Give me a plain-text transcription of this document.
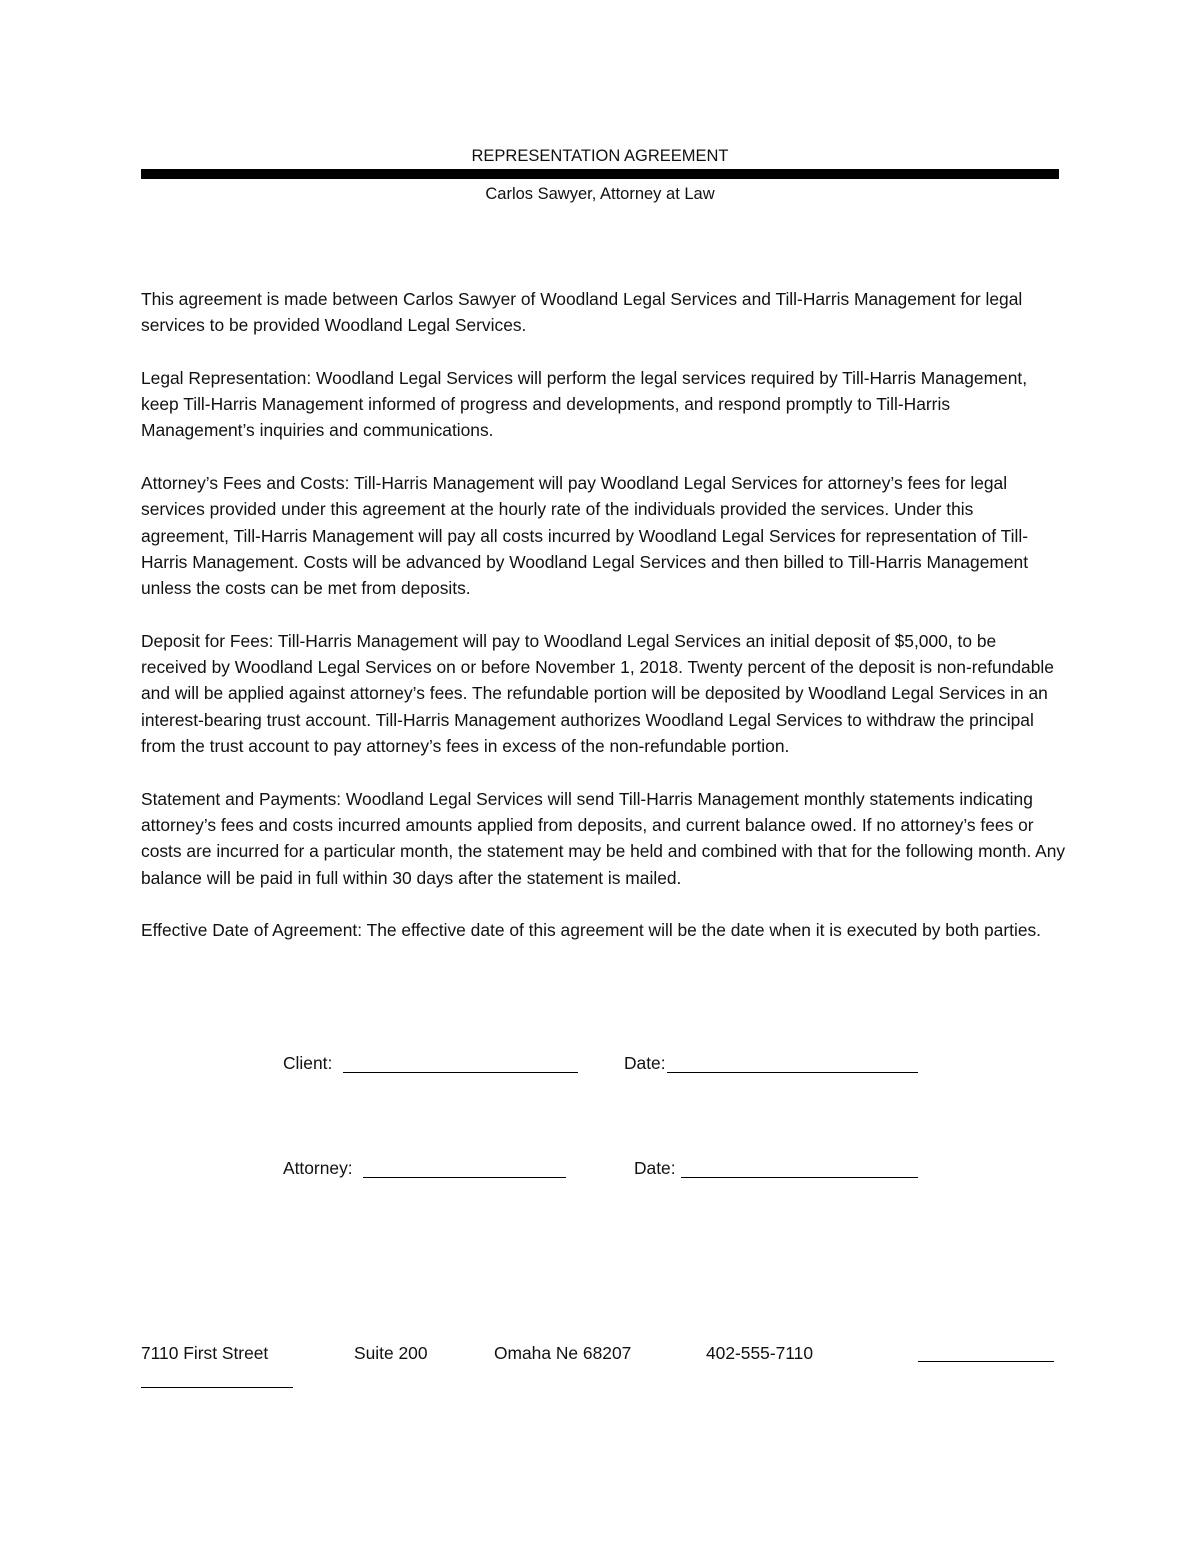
REPRESENTATION AGREEMENT
Carlos Sawyer, Attorney at Law

This agreement is made between Carlos Sawyer of Woodland Legal Services and Till-Harris Management for legal services to be provided Woodland Legal Services.

Legal Representation: Woodland Legal Services will perform the legal services required by Till-Harris Management, keep Till-Harris Management informed of progress and developments, and respond promptly to Till-Harris Management’s inquiries and communications.

Attorney’s Fees and Costs: Till-Harris Management will pay Woodland Legal Services for attorney’s fees for legal services provided under this agreement at the hourly rate of the individuals provided the services. Under this agreement, Till-Harris Management will pay all costs incurred by Woodland Legal Services for representation of Till-Harris Management. Costs will be advanced by Woodland Legal Services and then billed to Till-Harris Management unless the costs can be met from deposits.

Deposit for Fees: Till-Harris Management will pay to Woodland Legal Services an initial deposit of $5,000, to be received by Woodland Legal Services on or before November 1, 2018. Twenty percent of the deposit is non-refundable and will be applied against attorney’s fees. The refundable portion will be deposited by Woodland Legal Services in an interest-bearing trust account. Till-Harris Management authorizes Woodland Legal Services to withdraw the principal from the trust account to pay attorney’s fees in excess of the non-refundable portion.

Statement and Payments: Woodland Legal Services will send Till-Harris Management monthly statements indicating attorney’s fees and costs incurred amounts applied from deposits, and current balance owed. If no attorney’s fees or costs are incurred for a particular month, the statement may be held and combined with that for the following month. Any balance will be paid in full within 30 days after the statement is mailed.

Effective Date of Agreement: The effective date of this agreement will be the date when it is executed by both parties.

Client:	Date:
Attorney:	Date:
7110 First Street	Suite 200	Omaha Ne 68207	402-555-7110
